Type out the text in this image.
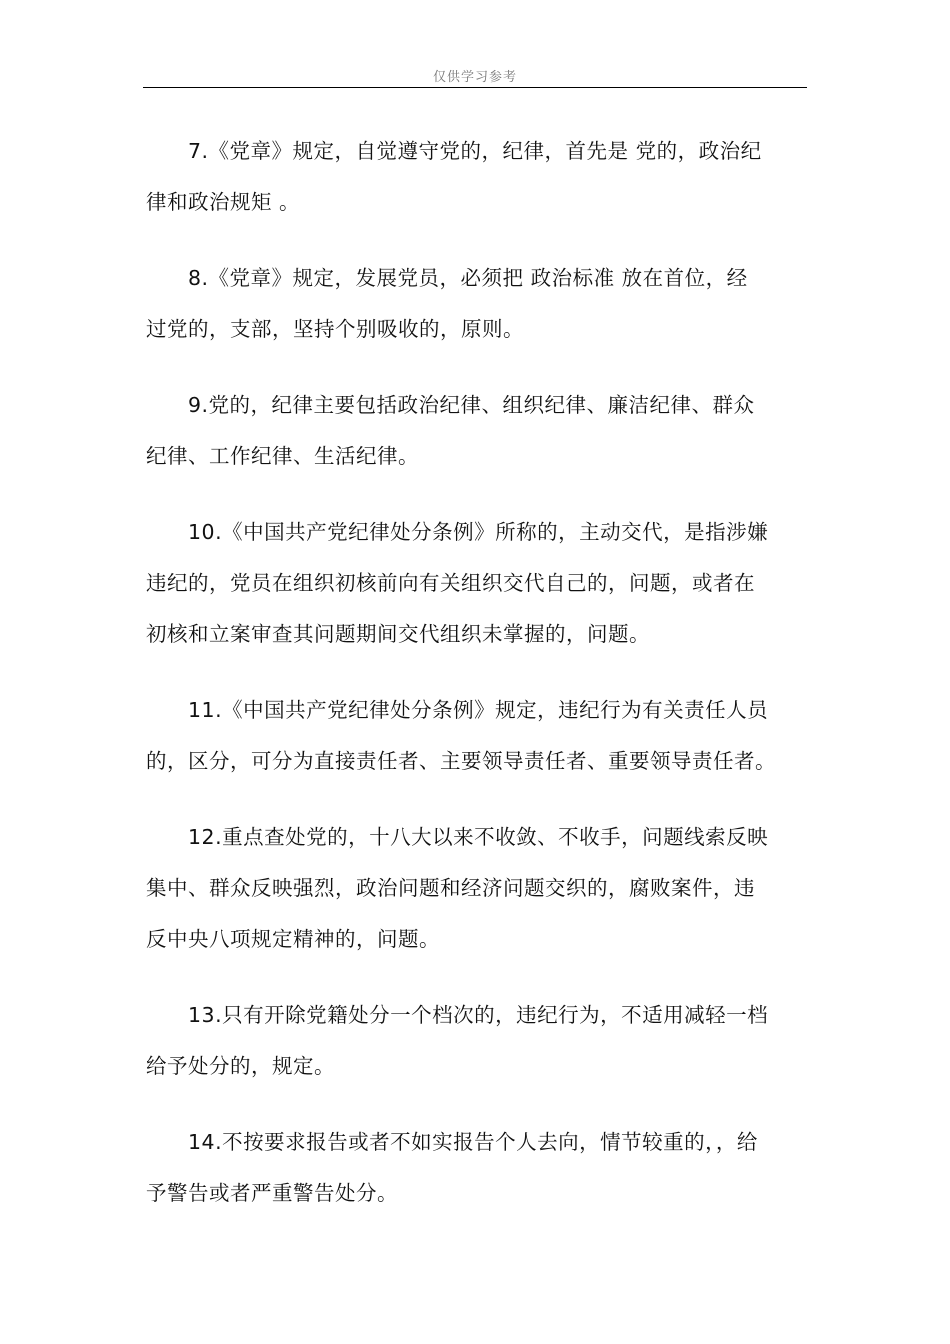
仅供学习参考

7.《党章》规定，自觉遵守党的，纪律，首先是 党的，政治纪
律和政治规矩 。

8.《党章》规定，发展党员，必须把 政治标准 放在首位，经
过党的，支部，坚持个别吸收的，原则。

9.党的，纪律主要包括政治纪律、组织纪律、廉洁纪律、群众
纪律、工作纪律、生活纪律。

10.《中国共产党纪律处分条例》所称的，主动交代，是指涉嫌
违纪的，党员在组织初核前向有关组织交代自己的，问题，或者在
初核和立案审查其问题期间交代组织未掌握的，问题。

11.《中国共产党纪律处分条例》规定，违纪行为有关责任人员
的，区分，可分为直接责任者、主要领导责任者、重要领导责任者。

12.重点查处党的，十八大以来不收敛、不收手，问题线索反映
集中、群众反映强烈，政治问题和经济问题交织的，腐败案件，违
反中央八项规定精神的，问题。

13.只有开除党籍处分一个档次的，违纪行为，不适用减轻一档
给予处分的，规定。

14.不按要求报告或者不如实报告个人去向，情节较重的，，给
予警告或者严重警告处分。
